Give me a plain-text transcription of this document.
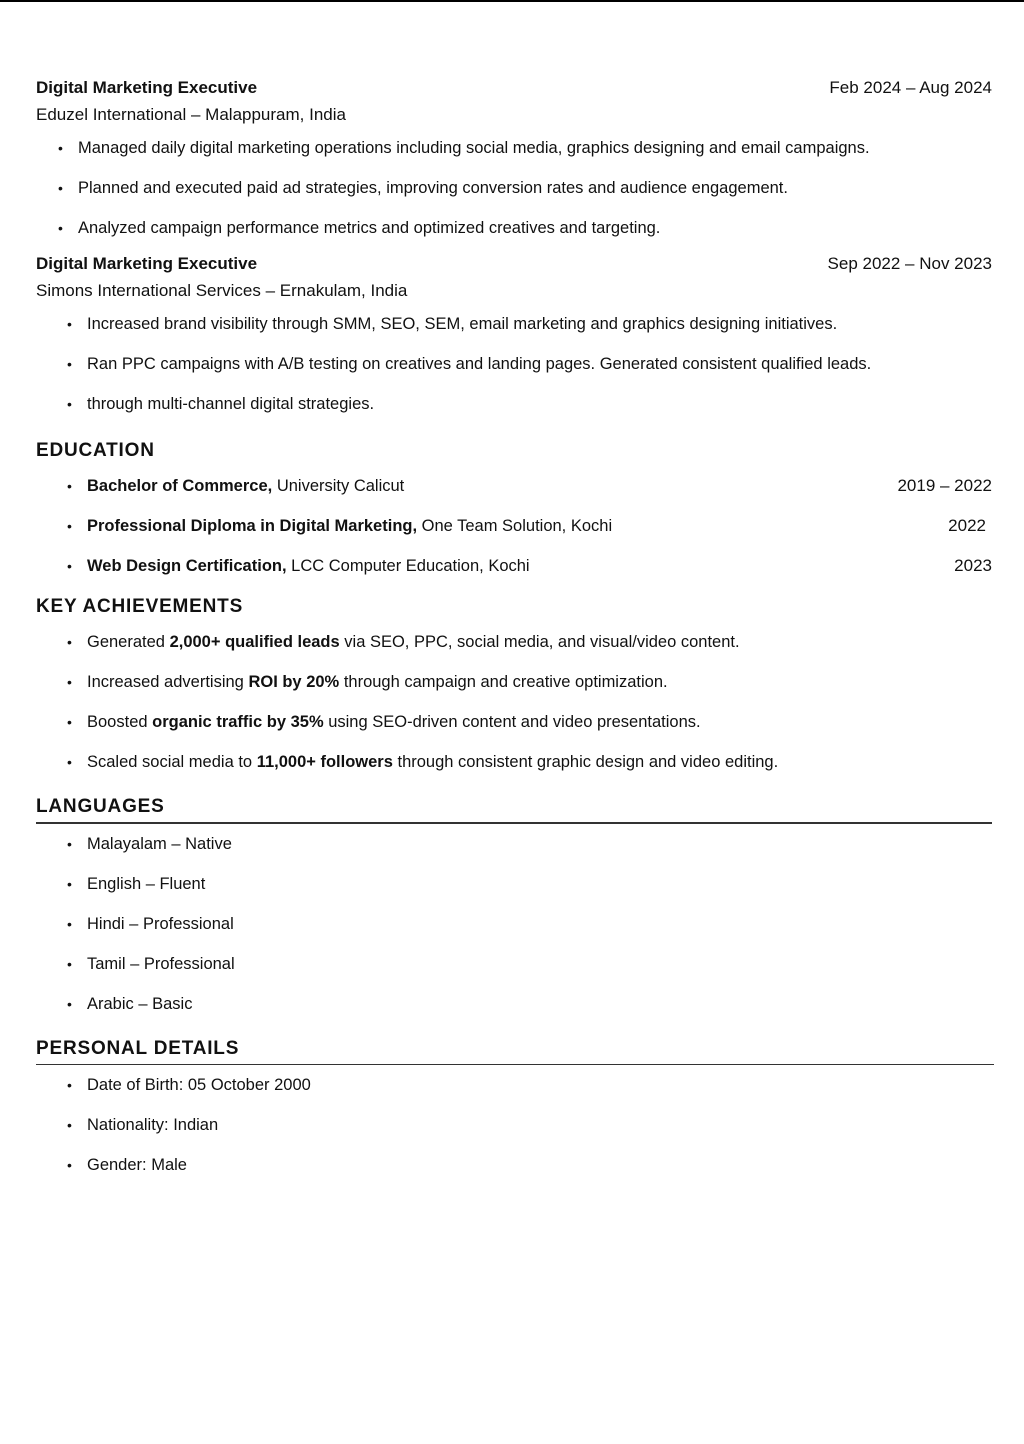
Digital Marketing Executive	Feb 2024 – Aug 2024
Eduzel International – Malappuram, India
• Managed daily digital marketing operations including social media, graphics designing and email campaigns.
• Planned and executed paid ad strategies, improving conversion rates and audience engagement.
• Analyzed campaign performance metrics and optimized creatives and targeting.
Digital Marketing Executive	Sep 2022 – Nov 2023
Simons International Services – Ernakulam, India
• Increased brand visibility through SMM, SEO, SEM, email marketing and graphics designing initiatives.
• Ran PPC campaigns with A/B testing on creatives and landing pages. Generated consistent qualified leads.
• through multi-channel digital strategies.
EDUCATION
• Bachelor of Commerce, University Calicut	2019 – 2022
• Professional Diploma in Digital Marketing, One Team Solution, Kochi	2022
• Web Design Certification, LCC Computer Education, Kochi	2023
KEY ACHIEVEMENTS
• Generated 2,000+ qualified leads via SEO, PPC, social media, and visual/video content.
• Increased advertising ROI by 20% through campaign and creative optimization.
• Boosted organic traffic by 35% using SEO-driven content and video presentations.
• Scaled social media to 11,000+ followers through consistent graphic design and video editing.
LANGUAGES
• Malayalam – Native
• English – Fluent
• Hindi – Professional
• Tamil – Professional
• Arabic – Basic
PERSONAL DETAILS
• Date of Birth: 05 October 2000
• Nationality: Indian
• Gender: Male
